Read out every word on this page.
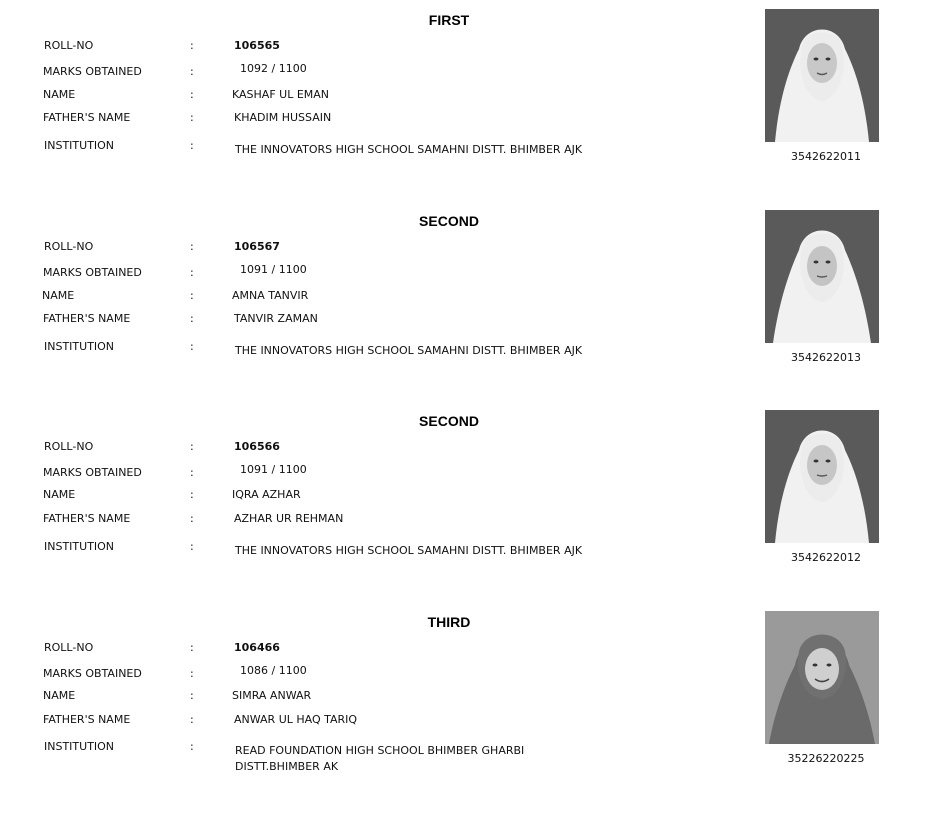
FIRST
ROLL-NO	:	106565
MARKS OBTAINED	:	1092 / 1100
NAME	:	KASHAF UL EMAN
FATHER'S NAME	:	KHADIM HUSSAIN
INSTITUTION	:	THE INNOVATORS HIGH SCHOOL SAMAHNI DISTT. BHIMBER AJK
3542622011
SECOND
ROLL-NO	:	106567
MARKS OBTAINED	:	1091 / 1100
NAME	:	AMNA TANVIR
FATHER'S NAME	:	TANVIR ZAMAN
INSTITUTION	:	THE INNOVATORS HIGH SCHOOL SAMAHNI DISTT. BHIMBER AJK
3542622013
SECOND
ROLL-NO	:	106566
MARKS OBTAINED	:	1091 / 1100
NAME	:	IQRA AZHAR
FATHER'S NAME	:	AZHAR UR REHMAN
INSTITUTION	:	THE INNOVATORS HIGH SCHOOL SAMAHNI DISTT. BHIMBER AJK
3542622012
THIRD
ROLL-NO	:	106466
MARKS OBTAINED	:	1086 / 1100
NAME	:	SIMRA ANWAR
FATHER'S NAME	:	ANWAR UL HAQ TARIQ
INSTITUTION	:	READ FOUNDATION HIGH SCHOOL BHIMBER GHARBI DISTT.BHIMBER AK
35226220225
